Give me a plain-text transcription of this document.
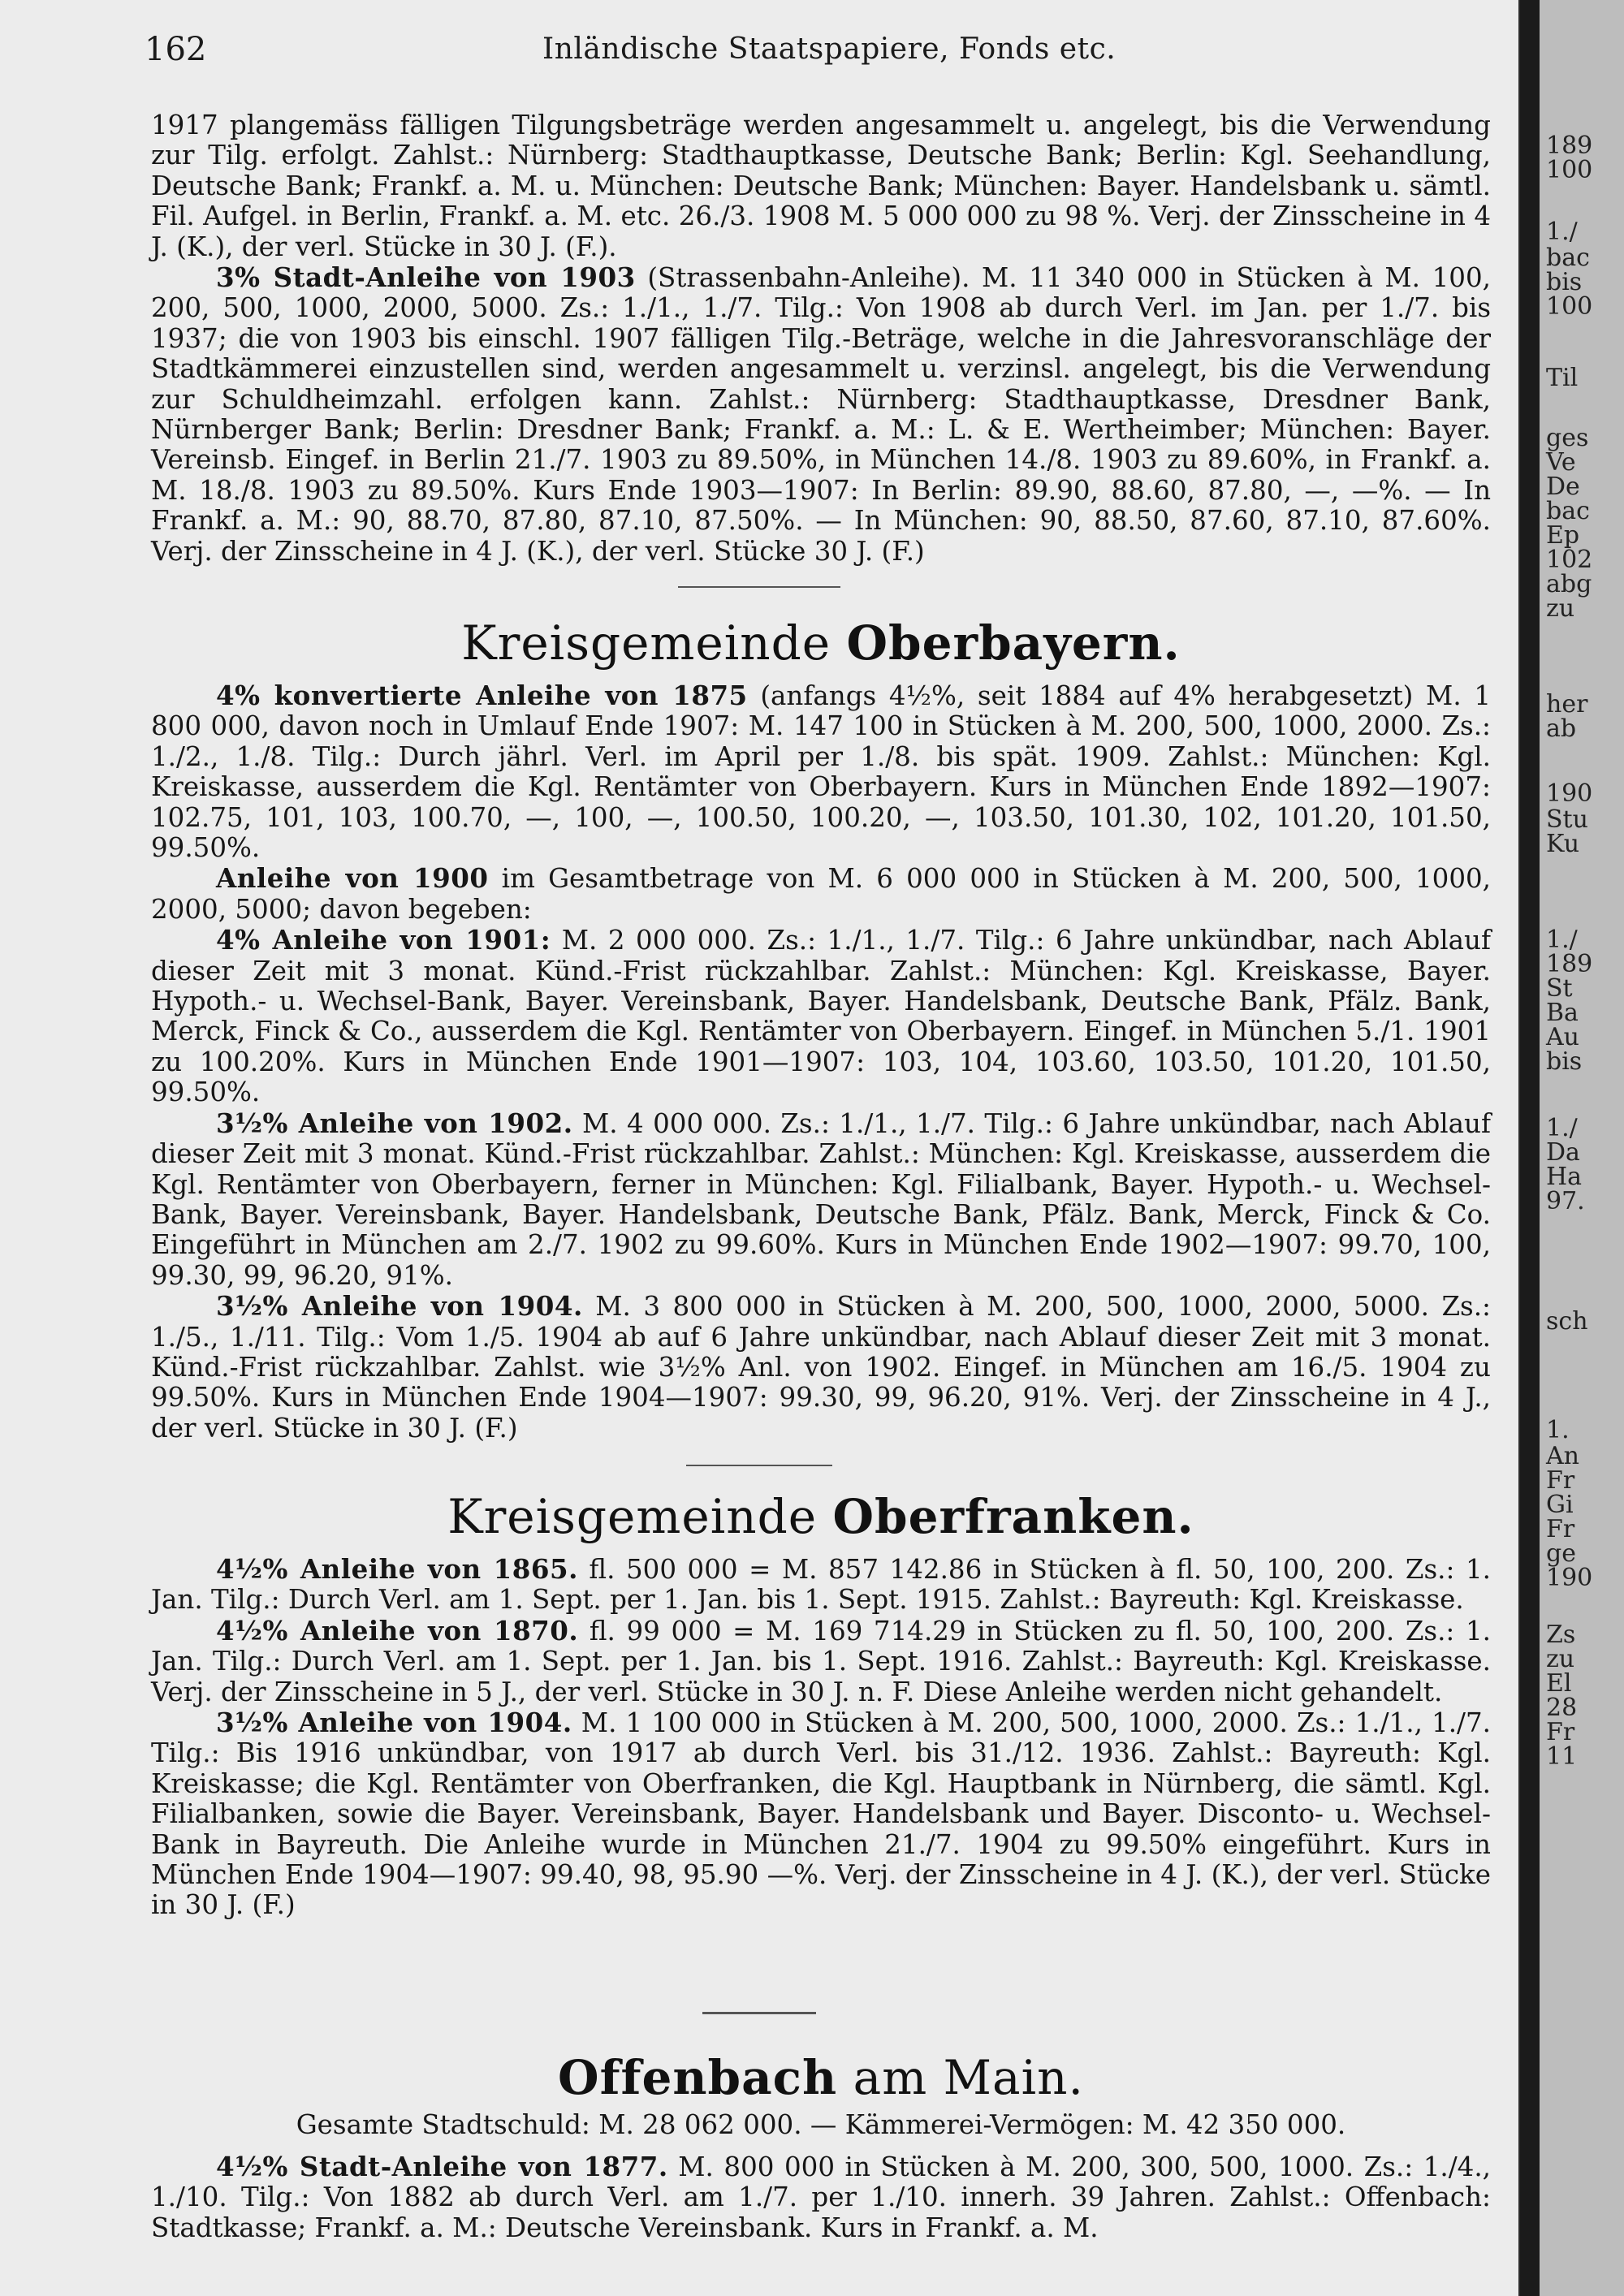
162	Inländische Staatspapiere, Fonds etc.

1917 plangemäss fälligen Tilgungsbeträge werden angesammelt u. angelegt, bis die Verwendung zur Tilg. erfolgt. Zahlst.: Nürnberg: Stadthauptkasse, Deutsche Bank; Berlin: Kgl. Seehandlung, Deutsche Bank; Frankf. a. M. u. München: Deutsche Bank; München: Bayer. Handelsbank u. sämtl. Fil. Aufgel. in Berlin, Frankf. a. M. etc. 26./3. 1908 M. 5 000 000 zu 98 %. Verj. der Zinsscheine in 4 J. (K.), der verl. Stücke in 30 J. (F.).

3% Stadt-Anleihe von 1903 (Strassenbahn-Anleihe). M. 11 340 000 in Stücken à M. 100, 200, 500, 1000, 2000, 5000. Zs.: 1./1., 1./7. Tilg.: Von 1908 ab durch Verl. im Jan. per 1./7. bis 1937; die von 1903 bis einschl. 1907 fälligen Tilg.-Beträge, welche in die Jahresvoranschläge der Stadtkämmerei einzustellen sind, werden angesammelt u. verzinsl. angelegt, bis die Verwendung zur Schuldheimzahl. erfolgen kann. Zahlst.: Nürnberg: Stadthauptkasse, Dresdner Bank, Nürnberger Bank; Berlin: Dresdner Bank; Frankf. a. M.: L. & E. Wertheimber; München: Bayer. Vereinsb. Eingef. in Berlin 21./7. 1903 zu 89.50%, in München 14./8. 1903 zu 89.60%, in Frankf. a. M. 18./8. 1903 zu 89.50%. Kurs Ende 1903—1907: In Berlin: 89.90, 88.60, 87.80, —, —%. — In Frankf. a. M.: 90, 88.70, 87.80, 87.10, 87.50%. — In München: 90, 88.50, 87.60, 87.10, 87.60%. Verj. der Zinsscheine in 4 J. (K.), der verl. Stücke 30 J. (F.)

Kreisgemeinde Oberbayern.

4% konvertierte Anleihe von 1875 (anfangs 4½%, seit 1884 auf 4% herabgesetzt) M. 1 800 000, davon noch in Umlauf Ende 1907: M. 147 100 in Stücken à M. 200, 500, 1000, 2000. Zs.: 1./2., 1./8. Tilg.: Durch jährl. Verl. im April per 1./8. bis spät. 1909. Zahlst.: München: Kgl. Kreiskasse, ausserdem die Kgl. Rentämter von Oberbayern. Kurs in München Ende 1892—1907: 102.75, 101, 103, 100.70, —, 100, —, 100.50, 100.20, —, 103.50, 101.30, 102, 101.20, 101.50, 99.50%.

Anleihe von 1900 im Gesamtbetrage von M. 6 000 000 in Stücken à M. 200, 500, 1000, 2000, 5000; davon begeben:

4% Anleihe von 1901: M. 2 000 000. Zs.: 1./1., 1./7. Tilg.: 6 Jahre unkündbar, nach Ablauf dieser Zeit mit 3 monat. Künd.-Frist rückzahlbar. Zahlst.: München: Kgl. Kreiskasse, Bayer. Hypoth.- u. Wechsel-Bank, Bayer. Vereinsbank, Bayer. Handelsbank, Deutsche Bank, Pfälz. Bank, Merck, Finck & Co., ausserdem die Kgl. Rentämter von Oberbayern. Eingef. in München 5./1. 1901 zu 100.20%. Kurs in München Ende 1901—1907: 103, 104, 103.60, 103.50, 101.20, 101.50, 99.50%.

3½% Anleihe von 1902. M. 4 000 000. Zs.: 1./1., 1./7. Tilg.: 6 Jahre unkündbar, nach Ablauf dieser Zeit mit 3 monat. Künd.-Frist rückzahlbar. Zahlst.: München: Kgl. Kreiskasse, ausserdem die Kgl. Rentämter von Oberbayern, ferner in München: Kgl. Filialbank, Bayer. Hypoth.- u. Wechsel-Bank, Bayer. Vereinsbank, Bayer. Handelsbank, Deutsche Bank, Pfälz. Bank, Merck, Finck & Co. Eingeführt in München am 2./7. 1902 zu 99.60%. Kurs in München Ende 1902—1907: 99.70, 100, 99.30, 99, 96.20, 91%.

3½% Anleihe von 1904. M. 3 800 000 in Stücken à M. 200, 500, 1000, 2000, 5000. Zs.: 1./5., 1./11. Tilg.: Vom 1./5. 1904 ab auf 6 Jahre unkündbar, nach Ablauf dieser Zeit mit 3 monat. Künd.-Frist rückzahlbar. Zahlst. wie 3½% Anl. von 1902. Eingef. in München am 16./5. 1904 zu 99.50%. Kurs in München Ende 1904—1907: 99.30, 99, 96.20, 91%. Verj. der Zinsscheine in 4 J., der verl. Stücke in 30 J. (F.)

Kreisgemeinde Oberfranken.

4½% Anleihe von 1865. fl. 500 000 = M. 857 142.86 in Stücken à fl. 50, 100, 200. Zs.: 1. Jan. Tilg.: Durch Verl. am 1. Sept. per 1. Jan. bis 1. Sept. 1915. Zahlst.: Bayreuth: Kgl. Kreiskasse.

4½% Anleihe von 1870. fl. 99 000 = M. 169 714.29 in Stücken zu fl. 50, 100, 200. Zs.: 1. Jan. Tilg.: Durch Verl. am 1. Sept. per 1. Jan. bis 1. Sept. 1916. Zahlst.: Bayreuth: Kgl. Kreiskasse. Verj. der Zinsscheine in 5 J., der verl. Stücke in 30 J. n. F. Diese Anleihe werden nicht gehandelt.

3½% Anleihe von 1904. M. 1 100 000 in Stücken à M. 200, 500, 1000, 2000. Zs.: 1./1., 1./7. Tilg.: Bis 1916 unkündbar, von 1917 ab durch Verl. bis 31./12. 1936. Zahlst.: Bayreuth: Kgl. Kreiskasse; die Kgl. Rentämter von Oberfranken, die Kgl. Hauptbank in Nürnberg, die sämtl. Kgl. Filialbanken, sowie die Bayer. Vereinsbank, Bayer. Handelsbank und Bayer. Disconto- u. Wechsel-Bank in Bayreuth. Die Anleihe wurde in München 21./7. 1904 zu 99.50% eingeführt. Kurs in München Ende 1904—1907: 99.40, 98, 95.90 —%. Verj. der Zinsscheine in 4 J. (K.), der verl. Stücke in 30 J. (F.)

Offenbach am Main.
Gesamte Stadtschuld: M. 28 062 000. — Kämmerei-Vermögen: M. 42 350 000.

4½% Stadt-Anleihe von 1877. M. 800 000 in Stücken à M. 200, 300, 500, 1000. Zs.: 1./4., 1./10. Tilg.: Von 1882 ab durch Verl. am 1./7. per 1./10. innerh. 39 Jahren. Zahlst.: Offenbach: Stadtkasse; Frankf. a. M.: Deutsche Vereinsbank. Kurs in Frankf. a. M.

189
100
1./
bac
bis
100
Til
ges
Ve
De
bac
Ep
102
abg
zu
her
ab
190
Stu
Ku
1./
189
St
Ba
Au
bis
1./
Da
Ha
97.
sch
1.
An
Fr
Gi
Fr
ge
190
Zs
zu
El
28
Fr
11
